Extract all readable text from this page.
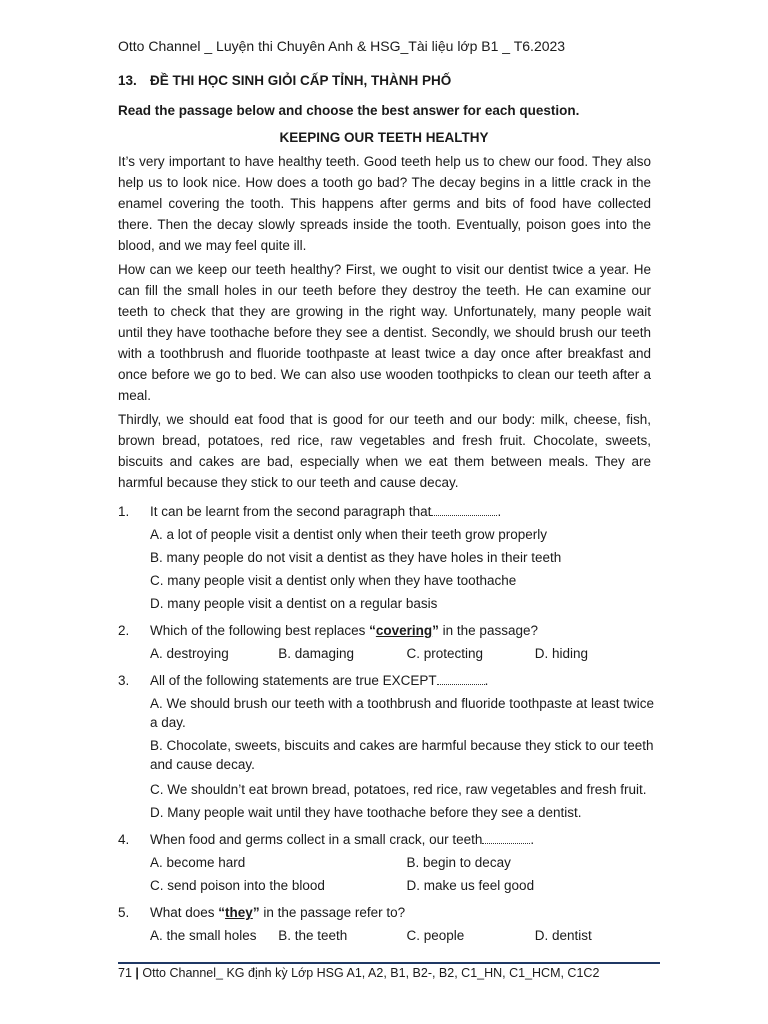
Otto Channel _ Luyện thi Chuyên Anh & HSG_Tài liệu lớp B1 _ T6.2023
13. ĐỀ THI HỌC SINH GIỎI CẤP TỈNH, THÀNH PHỐ
Read the passage below and choose the best answer for each question.
KEEPING OUR TEETH HEALTHY

It’s very important to have healthy teeth. Good teeth help us to chew our food. They also help us to look nice. How does a tooth go bad? The decay begins in a little crack in the enamel covering the tooth. This happens after germs and bits of food have collected there. Then the decay slowly spreads inside the tooth. Eventually, poison goes into the blood, and we may feel quite ill.

How can we keep our teeth healthy? First, we ought to visit our dentist twice a year. He can fill the small holes in our teeth before they destroy the teeth. He can examine our teeth to check that they are growing in the right way. Unfortunately, many people wait until they have toothache before they see a dentist. Secondly, we should brush our teeth with a toothbrush and fluoride toothpaste at least twice a day once after breakfast and once before we go to bed. We can also use wooden toothpicks to clean our teeth after a meal.

Thirdly, we should eat food that is good for our teeth and our body: milk, cheese, fish, brown bread, potatoes, red rice, raw vegetables and fresh fruit. Chocolate, sweets, biscuits and cakes are bad, especially when we eat them between meals. They are harmful because they stick to our teeth and cause decay.

1.	It can be learnt from the second paragraph that	.
A. a lot of people visit a dentist only when their teeth grow properly
B. many people do not visit a dentist as they have holes in their teeth
C. many people visit a dentist only when they have toothache
D. many people visit a dentist on a regular basis
2.	Which of the following best replaces “covering” in the passage?
A. destroying	B. damaging	C. protecting	D. hiding
3.	All of the following statements are true EXCEPT	.
A. We should brush our teeth with a toothbrush and fluoride toothpaste at least twice a day.
B. Chocolate, sweets, biscuits and cakes are harmful because they stick to our teeth and cause decay.
C. We shouldn’t eat brown bread, potatoes, red rice, raw vegetables and fresh fruit.
D. Many people wait until they have toothache before they see a dentist.
4.	When food and germs collect in a small crack, our teeth	.
A. become hard	B. begin to decay
C. send poison into the blood	D. make us feel good
5.	What does “they” in the passage refer to?
A. the small holes	B. the teeth	C. people	D. dentist
71 | Otto Channel_ KG định kỳ Lớp HSG A1, A2, B1, B2-, B2, C1_HN, C1_HCM, C1C2
